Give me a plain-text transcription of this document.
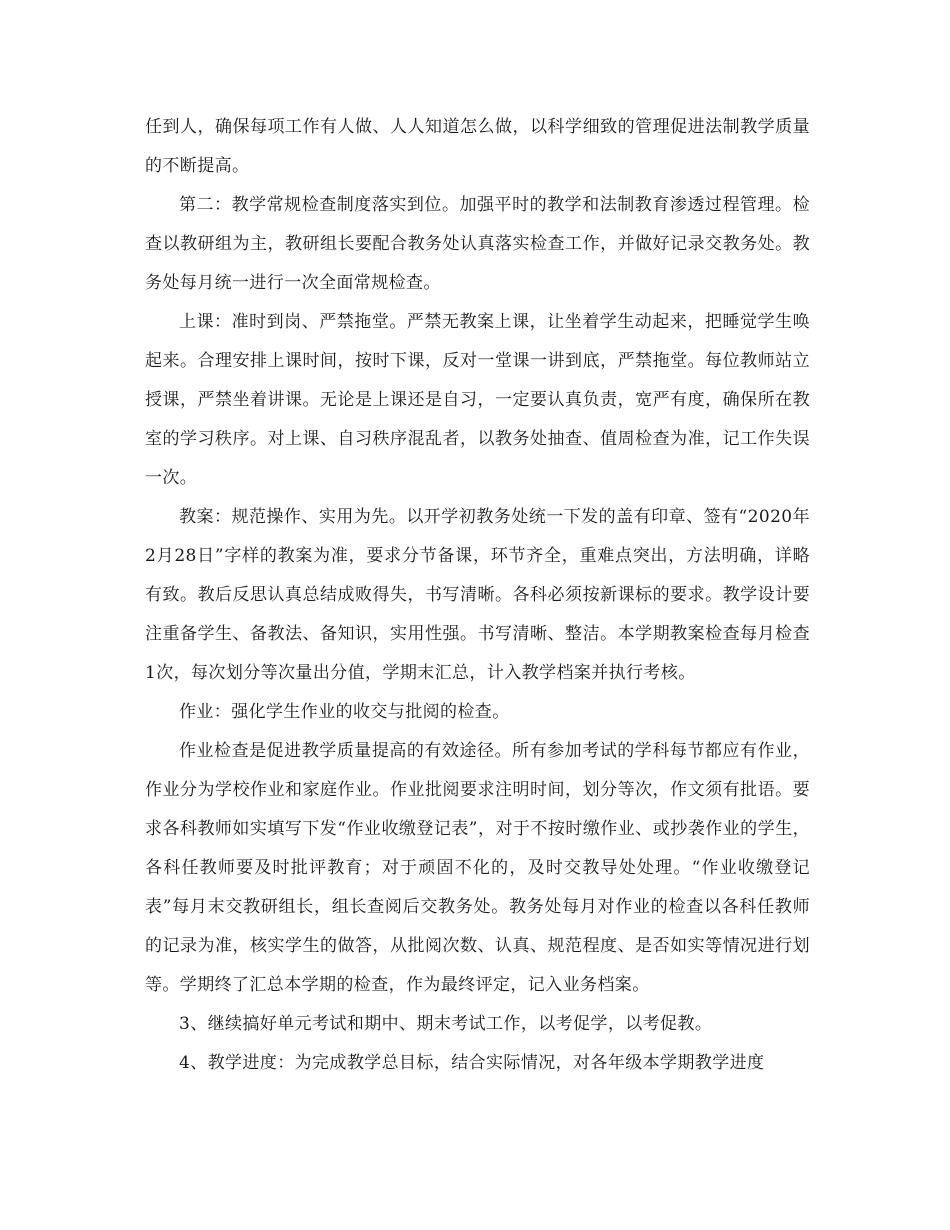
任到人，确保每项工作有人做、人人知道怎么做，以科学细致的管理促进法制教学质量的不断提高。

第二：教学常规检查制度落实到位。加强平时的教学和法制教育渗透过程管理。检查以教研组为主，教研组长要配合教务处认真落实检查工作，并做好记录交教务处。教务处每月统一进行一次全面常规检查。

上课：准时到岗、严禁拖堂。严禁无教案上课，让坐着学生动起来，把睡觉学生唤起来。合理安排上课时间，按时下课，反对一堂课一讲到底，严禁拖堂。每位教师站立授课，严禁坐着讲课。无论是上课还是自习，一定要认真负责，宽严有度，确保所在教室的学习秩序。对上课、自习秩序混乱者，以教务处抽查、值周检查为准，记工作失误一次。

教案：规范操作、实用为先。以开学初教务处统一下发的盖有印章、签有“2020年2月28日”字样的教案为准，要求分节备课，环节齐全，重难点突出，方法明确，详略有致。教后反思认真总结成败得失，书写清晰。各科必须按新课标的要求。教学设计要注重备学生、备教法、备知识，实用性强。书写清晰、整洁。本学期教案检查每月检查1次，每次划分等次量出分值，学期末汇总，计入教学档案并执行考核。

作业：强化学生作业的收交与批阅的检查。

作业检查是促进教学质量提高的有效途径。所有参加考试的学科每节都应有作业，作业分为学校作业和家庭作业。作业批阅要求注明时间，划分等次，作文须有批语。要求各科教师如实填写下发“作业收缴登记表”，对于不按时缴作业、或抄袭作业的学生，各科任教师要及时批评教育；对于顽固不化的，及时交教导处处理。“作业收缴登记表”每月末交教研组长，组长查阅后交教务处。教务处每月对作业的检查以各科任教师的记录为准，核实学生的做答，从批阅次数、认真、规范程度、是否如实等情况进行划等。学期终了汇总本学期的检查，作为最终评定，记入业务档案。

3、继续搞好单元考试和期中、期末考试工作，以考促学，以考促教。

4、教学进度：为完成教学总目标，结合实际情况，对各年级本学期教学进度
